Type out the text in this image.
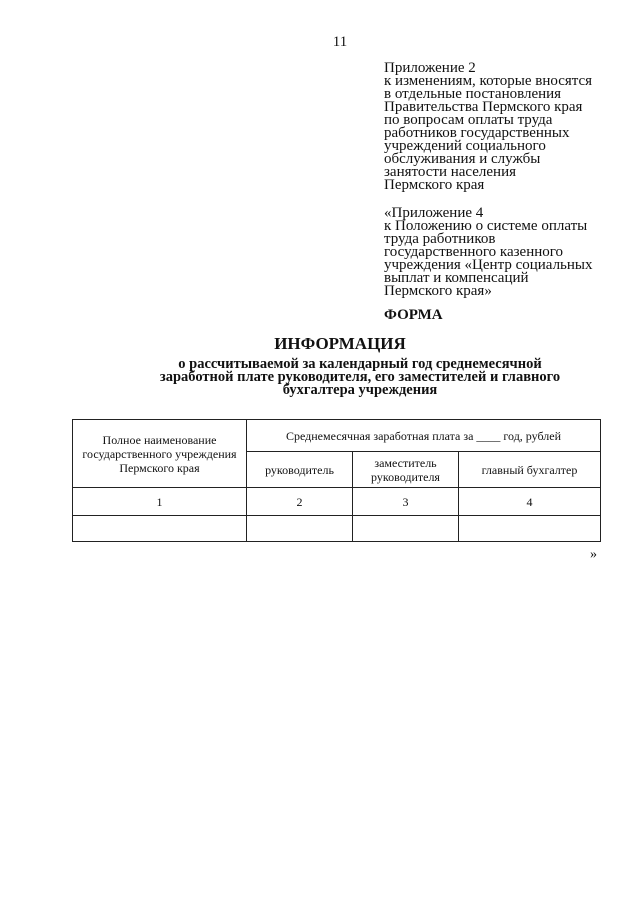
11
Приложение 2
к изменениям, которые вносятся
в отдельные постановления
Правительства Пермского края
по вопросам оплаты труда
работников государственных
учреждений социального
обслуживания и службы
занятости населения
Пермского края
«Приложение 4
к Положению о системе оплаты
труда работников
государственного казенного
учреждения «Центр социальных
выплат и компенсаций
Пермского края»
ФОРМА
ИНФОРМАЦИЯ
о рассчитываемой за календарный год среднемесячной
заработной плате руководителя, его заместителей и главного
бухгалтера учреждения
Полное наименование государственного учреждения Пермского края	Среднемесячная заработная плата за ____ год, рублей		
	руководитель	заместитель руководителя	главный бухгалтер
1	2	3	4

»
